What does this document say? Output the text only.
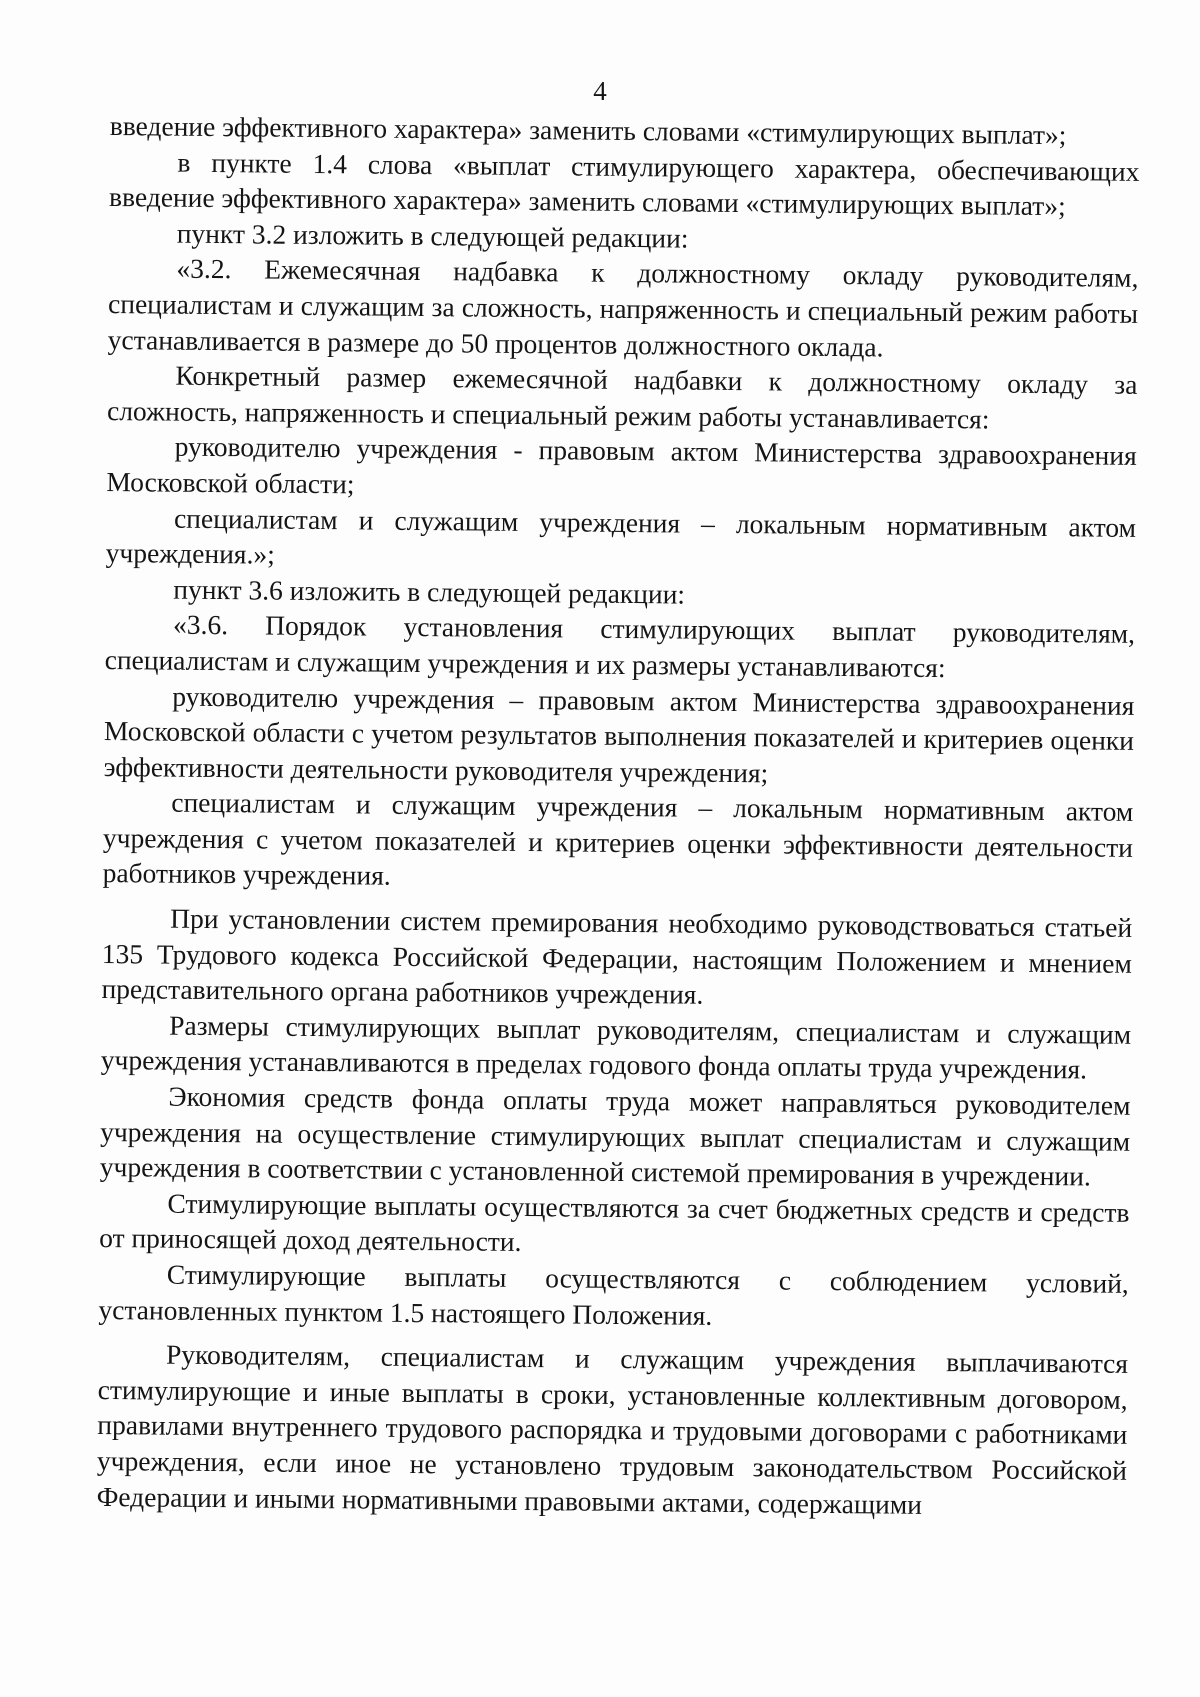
4

введение эффективного характера» заменить словами «стимулирующих выплат»;

в пункте 1.4 слова «выплат стимулирующего характера, обеспечивающих введение эффективного характера» заменить словами «стимулирующих выплат»;

пункт 3.2 изложить в следующей редакции:

«3.2. Ежемесячная надбавка к должностному окладу руководителям, специалистам и служащим за сложность, напряженность и специальный режим работы устанавливается в размере до 50 процентов должностного оклада.

Конкретный размер ежемесячной надбавки к должностному окладу за сложность, напряженность и специальный режим работы устанавливается:

руководителю учреждения - правовым актом Министерства здравоохранения Московской области;

специалистам и служащим учреждения – локальным нормативным актом учреждения.»;

пункт 3.6 изложить в следующей редакции:

«3.6. Порядок установления стимулирующих выплат руководителям, специалистам и служащим учреждения и их размеры устанавливаются:

руководителю учреждения – правовым актом Министерства здравоохранения Московской области с учетом результатов выполнения показателей и критериев оценки эффективности деятельности руководителя учреждения;

специалистам и служащим учреждения – локальным нормативным актом учреждения с учетом показателей и критериев оценки эффективности деятельности работников учреждения.

При установлении систем премирования необходимо руководствоваться статьей 135 Трудового кодекса Российской Федерации, настоящим Положением и мнением представительного органа работников учреждения.

Размеры стимулирующих выплат руководителям, специалистам и служащим учреждения устанавливаются в пределах годового фонда оплаты труда учреждения.

Экономия средств фонда оплаты труда может направляться руководителем учреждения на осуществление стимулирующих выплат специалистам и служащим учреждения в соответствии с установленной системой премирования в учреждении.

Стимулирующие выплаты осуществляются за счет бюджетных средств и средств от приносящей доход деятельности.

Стимулирующие выплаты осуществляются с соблюдением условий, установленных пунктом 1.5 настоящего Положения.

Руководителям, специалистам и служащим учреждения выплачиваются стимулирующие и иные выплаты в сроки, установленные коллективным договором, правилами внутреннего трудового распорядка и трудовыми договорами с работниками учреждения, если иное не установлено трудовым законодательством Российской Федерации и иными нормативными правовыми актами, содержащими
